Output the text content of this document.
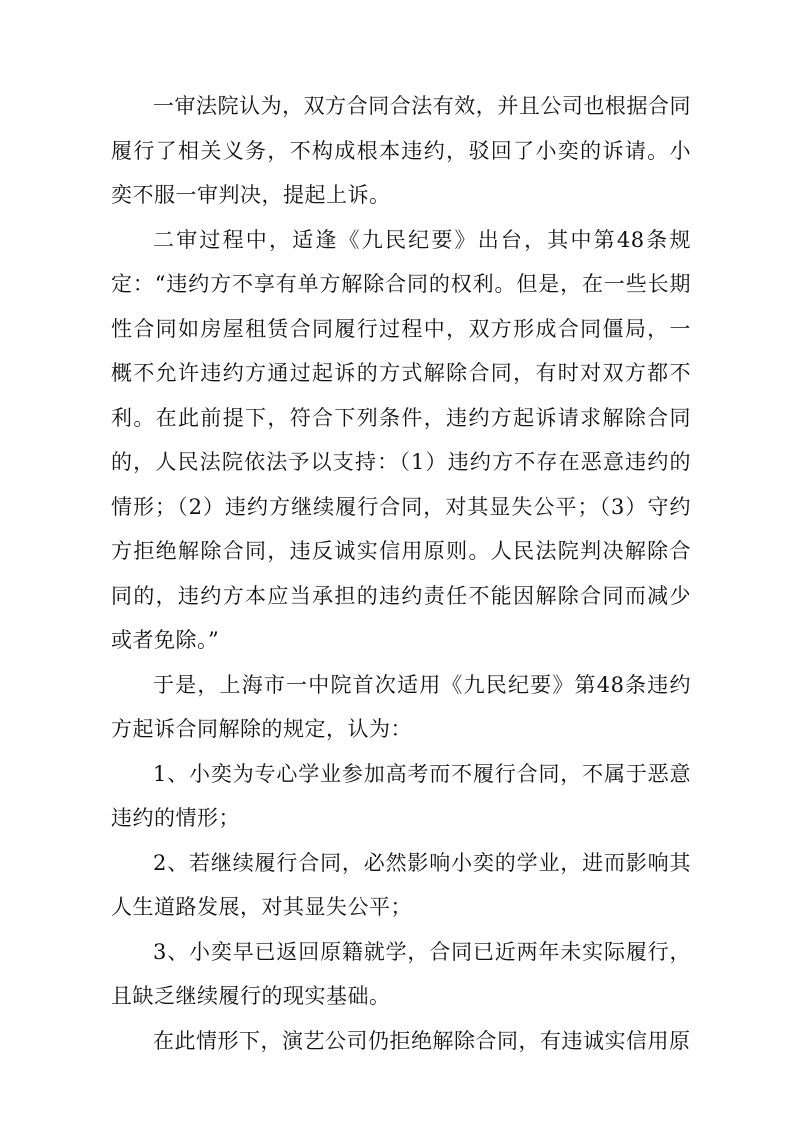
一审法院认为，双方合同合法有效，并且公司也根据合同履行了相关义务，不构成根本违约，驳回了小奕的诉请。小奕不服一审判决，提起上诉。

二审过程中，适逢《九民纪要》出台，其中第48条规定：“违约方不享有单方解除合同的权利。但是，在一些长期性合同如房屋租赁合同履行过程中，双方形成合同僵局，一概不允许违约方通过起诉的方式解除合同，有时对双方都不利。在此前提下，符合下列条件，违约方起诉请求解除合同的，人民法院依法予以支持：（1）违约方不存在恶意违约的情形；（2）违约方继续履行合同，对其显失公平；（3）守约方拒绝解除合同，违反诚实信用原则。人民法院判决解除合同的，违约方本应当承担的违约责任不能因解除合同而减少或者免除。”

于是，上海市一中院首次适用《九民纪要》第48条违约方起诉合同解除的规定，认为：

1、小奕为专心学业参加高考而不履行合同，不属于恶意违约的情形；

2、若继续履行合同，必然影响小奕的学业，进而影响其人生道路发展，对其显失公平；

3、小奕早已返回原籍就学，合同已近两年未实际履行，且缺乏继续履行的现实基础。

在此情形下，演艺公司仍拒绝解除合同，有违诚实信用原
